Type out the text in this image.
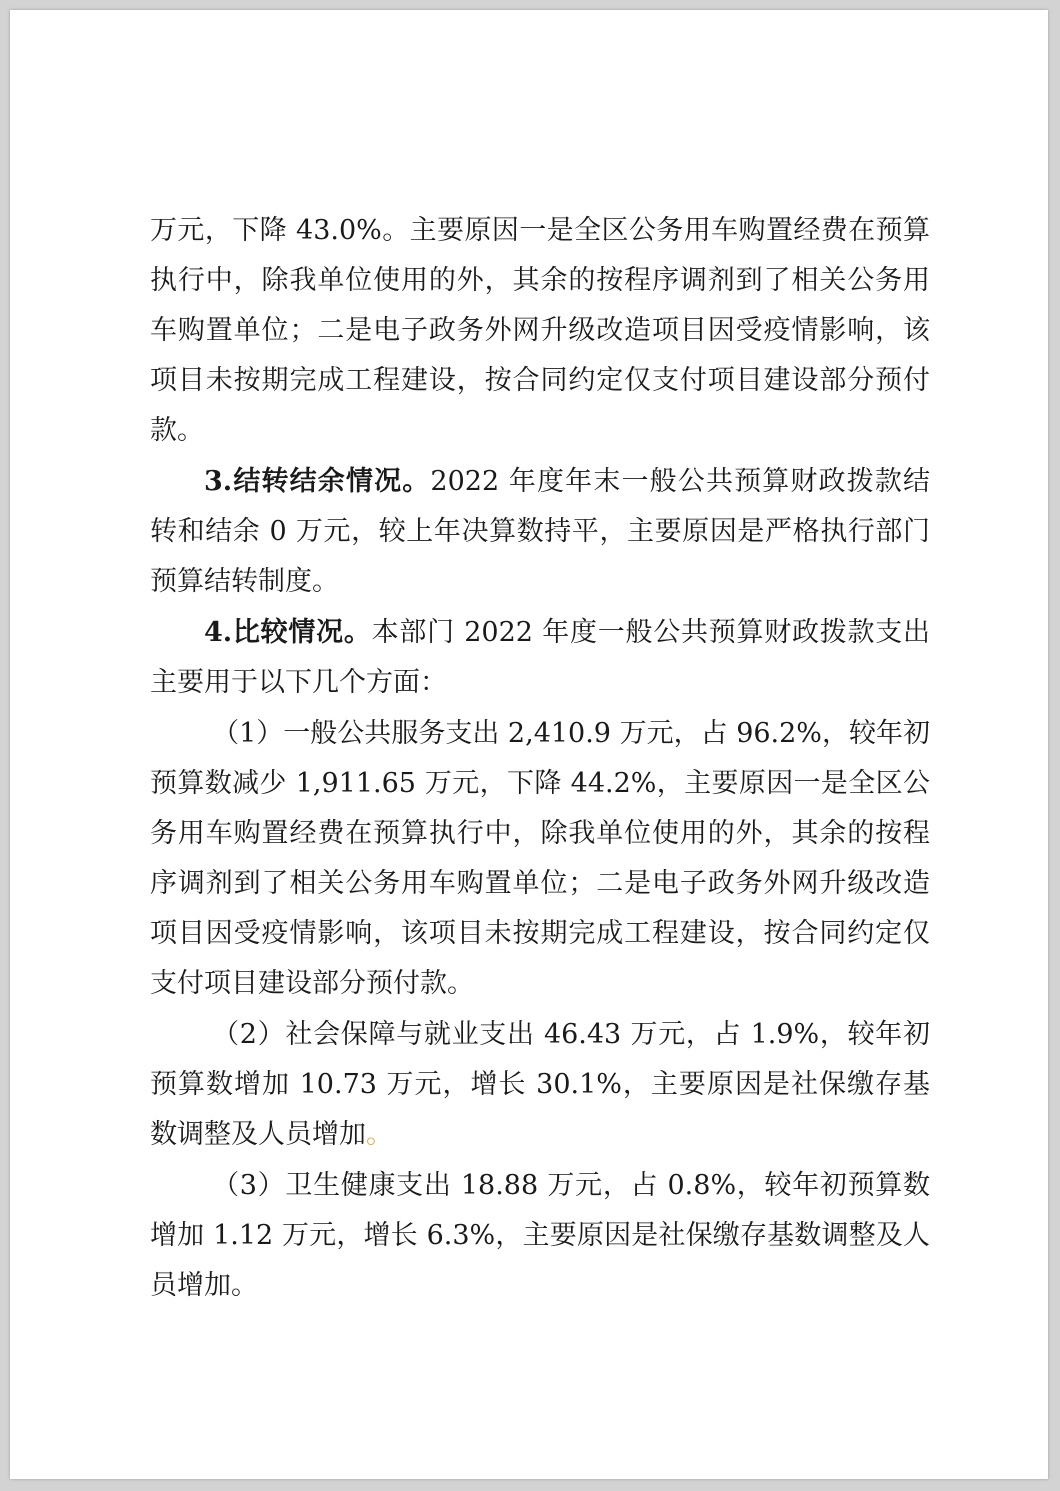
万元，下降 43.0%。主要原因一是全区公务用车购置经费在预算执行中，除我单位使用的外，其余的按程序调剂到了相关公务用车购置单位；二是电子政务外网升级改造项目因受疫情影响，该项目未按期完成工程建设，按合同约定仅支付项目建设部分预付款。

3.结转结余情况。2022 年度年末一般公共预算财政拨款结转和结余 0 万元，较上年决算数持平，主要原因是严格执行部门预算结转制度。

4.比较情况。本部门 2022 年度一般公共预算财政拨款支出主要用于以下几个方面：

（1）一般公共服务支出 2,410.9 万元，占 96.2%，较年初预算数减少 1,911.65 万元，下降 44.2%，主要原因一是全区公务用车购置经费在预算执行中，除我单位使用的外，其余的按程序调剂到了相关公务用车购置单位；二是电子政务外网升级改造项目因受疫情影响，该项目未按期完成工程建设，按合同约定仅支付项目建设部分预付款。

（2）社会保障与就业支出 46.43 万元，占 1.9%，较年初预算数增加 10.73 万元，增长 30.1%，主要原因是社保缴存基数调整及人员增加。

（3）卫生健康支出 18.88 万元，占 0.8%，较年初预算数增加 1.12 万元，增长 6.3%，主要原因是社保缴存基数调整及人员增加。
